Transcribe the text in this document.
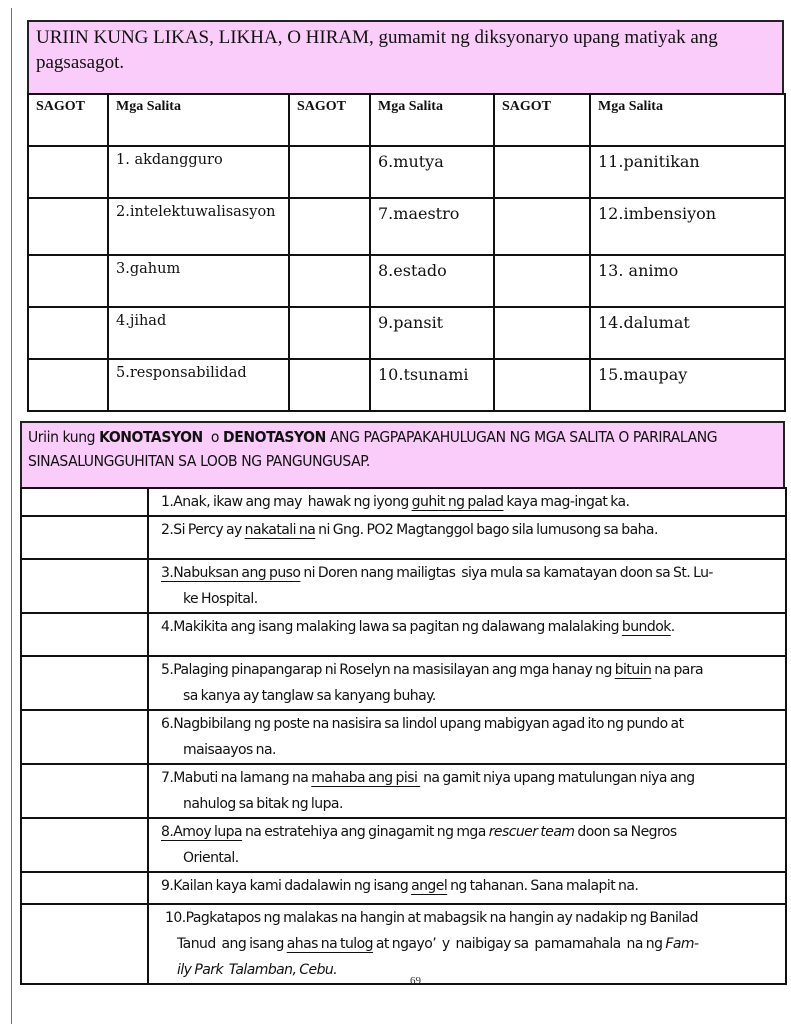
URIIN KUNG LIKAS, LIKHA, O HIRAM, gumamit ng diksyonaryo upang matiyak ang pagsasagot.
SAGOT	Mga Salita	SAGOT	Mga Salita	SAGOT	Mga Salita
	1. akdangguro		6.mutya		11.panitikan
	2.intelektuwalisasyon		7.maestro		12.imbensiyon
	3.gahum		8.estado		13. animo
	4.jihad		9.pansit		14.dalumat
	5.responsabilidad		10.tsunami		15.maupay
Uriin kung KONOTASYON  o DENOTASYON ANG PAGPAPAKAHULUGAN NG MGA SALITA O PARIRALANG SINASALUNGGUHITAN SA LOOB NG PANGUNGUSAP.
	1.Anak, ikaw ang may  hawak ng iyong guhit ng palad kaya mag-ingat ka.
	2.Si Percy ay nakatali na ni Gng. PO2 Magtanggol bago sila lumusong sa baha.
	3.Nabuksan ang puso ni Doren nang mailigtas  siya mula sa kamatayan doon sa St. Lu-
ke Hospital.

	4.Makikita ang isang malaking lawa sa pagitan ng dalawang malalaking bundok.
	5.Palaging pinapangarap ni Roselyn na masisilayan ang mga hanay ng bituin na para
sa kanya ay tanglaw sa kanyang buhay.

	6.Nagbibilang ng poste na nasisira sa lindol upang mabigyan agad ito ng pundo at
maisaayos na.

	7.Mabuti na lamang na mahaba ang pisi  na gamit niya upang matulungan niya ang
nahulog sa bitak ng lupa.

	8.Amoy lupa na estratehiya ang ginagamit ng mga rescuer team doon sa Negros
Oriental.

	9.Kailan kaya kami dadalawin ng isang angel ng tahanan. Sana malapit na.
	10.Pagkatapos ng malakas na hangin at mabagsik na hangin ay nadakip ng Banilad
Tanud  ang isang ahas na tulog at ngayo’  y  naibigay sa  pamamahala  na ng Fam-
ily Park  Talamban, Cebu.
69
